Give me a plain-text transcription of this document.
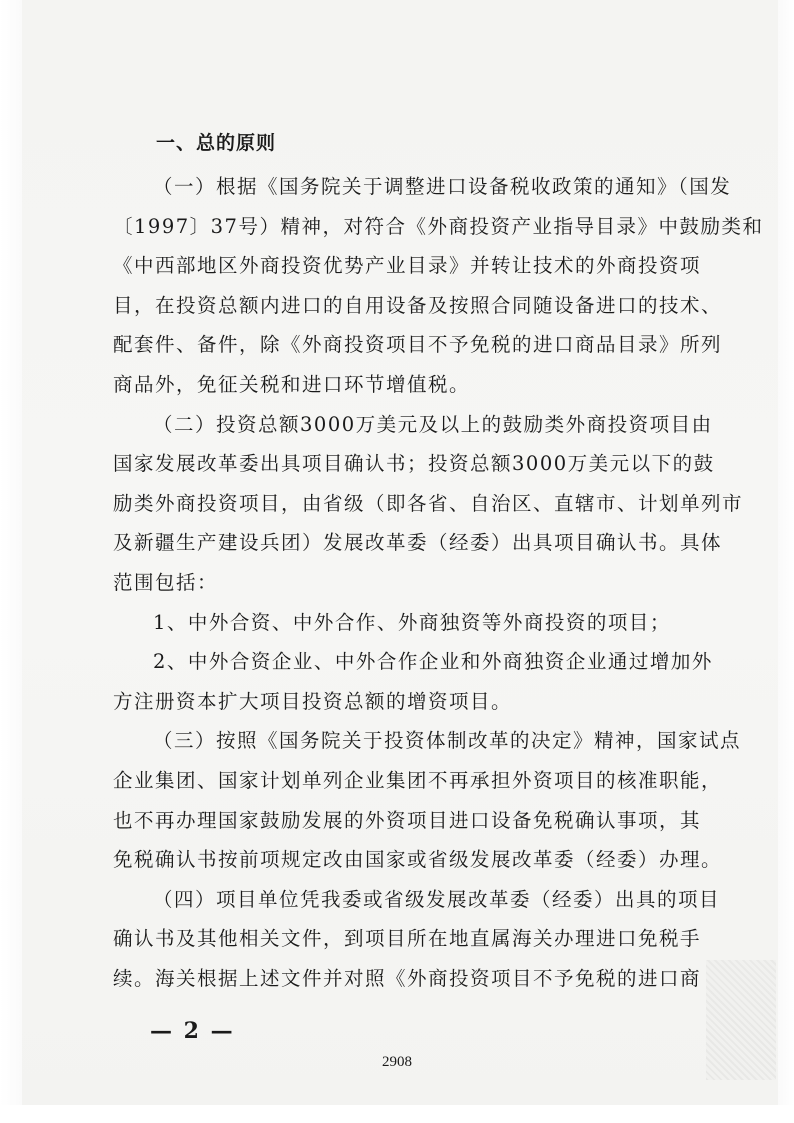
一、总的原则
（一）根据《国务院关于调整进口设备税收政策的通知》（国发
〔1997〕37号）精神，对符合《外商投资产业指导目录》中鼓励类和
《中西部地区外商投资优势产业目录》并转让技术的外商投资项
目，在投资总额内进口的自用设备及按照合同随设备进口的技术、
配套件、备件，除《外商投资项目不予免税的进口商品目录》所列
商品外，免征关税和进口环节增值税。
（二）投资总额3000万美元及以上的鼓励类外商投资项目由
国家发展改革委出具项目确认书；投资总额3000万美元以下的鼓
励类外商投资项目，由省级（即各省、自治区、直辖市、计划单列市
及新疆生产建设兵团）发展改革委（经委）出具项目确认书。具体
范围包括：
1、中外合资、中外合作、外商独资等外商投资的项目；
2、中外合资企业、中外合作企业和外商独资企业通过增加外
方注册资本扩大项目投资总额的增资项目。
（三）按照《国务院关于投资体制改革的决定》精神，国家试点
企业集团、国家计划单列企业集团不再承担外资项目的核准职能，
也不再办理国家鼓励发展的外资项目进口设备免税确认事项，其
免税确认书按前项规定改由国家或省级发展改革委（经委）办理。
（四）项目单位凭我委或省级发展改革委（经委）出具的项目
确认书及其他相关文件，到项目所在地直属海关办理进口免税手
续。海关根据上述文件并对照《外商投资项目不予免税的进口商
— 2 —
2908
